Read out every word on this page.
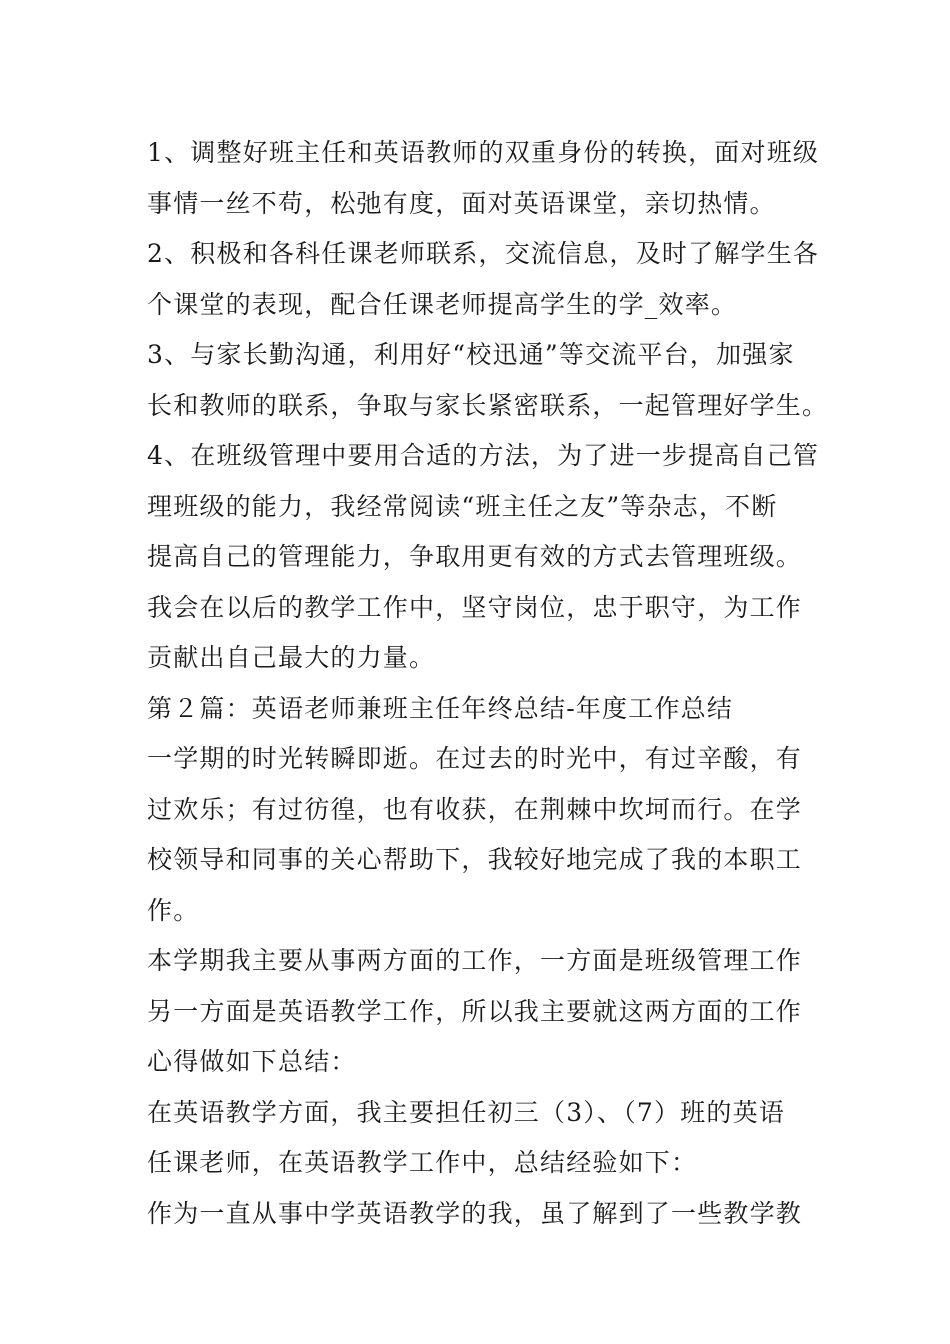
1、调整好班主任和英语教师的双重身份的转换，面对班级
事情一丝不苟，松弛有度，面对英语课堂，亲切热情。
2、积极和各科任课老师联系，交流信息，及时了解学生各
个课堂的表现，配合任课老师提高学生的学_效率。
3、与家长勤沟通，利用好“校迅通”等交流平台，加强家
长和教师的联系，争取与家长紧密联系，一起管理好学生。
4、在班级管理中要用合适的方法，为了进一步提高自己管
理班级的能力，我经常阅读“班主任之友”等杂志，不断
提高自己的管理能力，争取用更有效的方式去管理班级。
我会在以后的教学工作中，坚守岗位，忠于职守，为工作
贡献出自己最大的力量。
第２篇：英语老师兼班主任年终总结-年度工作总结
一学期的时光转瞬即逝。在过去的时光中，有过辛酸，有
过欢乐；有过彷徨，也有收获，在荆棘中坎坷而行。在学
校领导和同事的关心帮助下，我较好地完成了我的本职工
作。
本学期我主要从事两方面的工作，一方面是班级管理工作
另一方面是英语教学工作，所以我主要就这两方面的工作
心得做如下总结：
在英语教学方面，我主要担任初三（3）、（7）班的英语
任课老师，在英语教学工作中，总结经验如下：
作为一直从事中学英语教学的我，虽了解到了一些教学教
